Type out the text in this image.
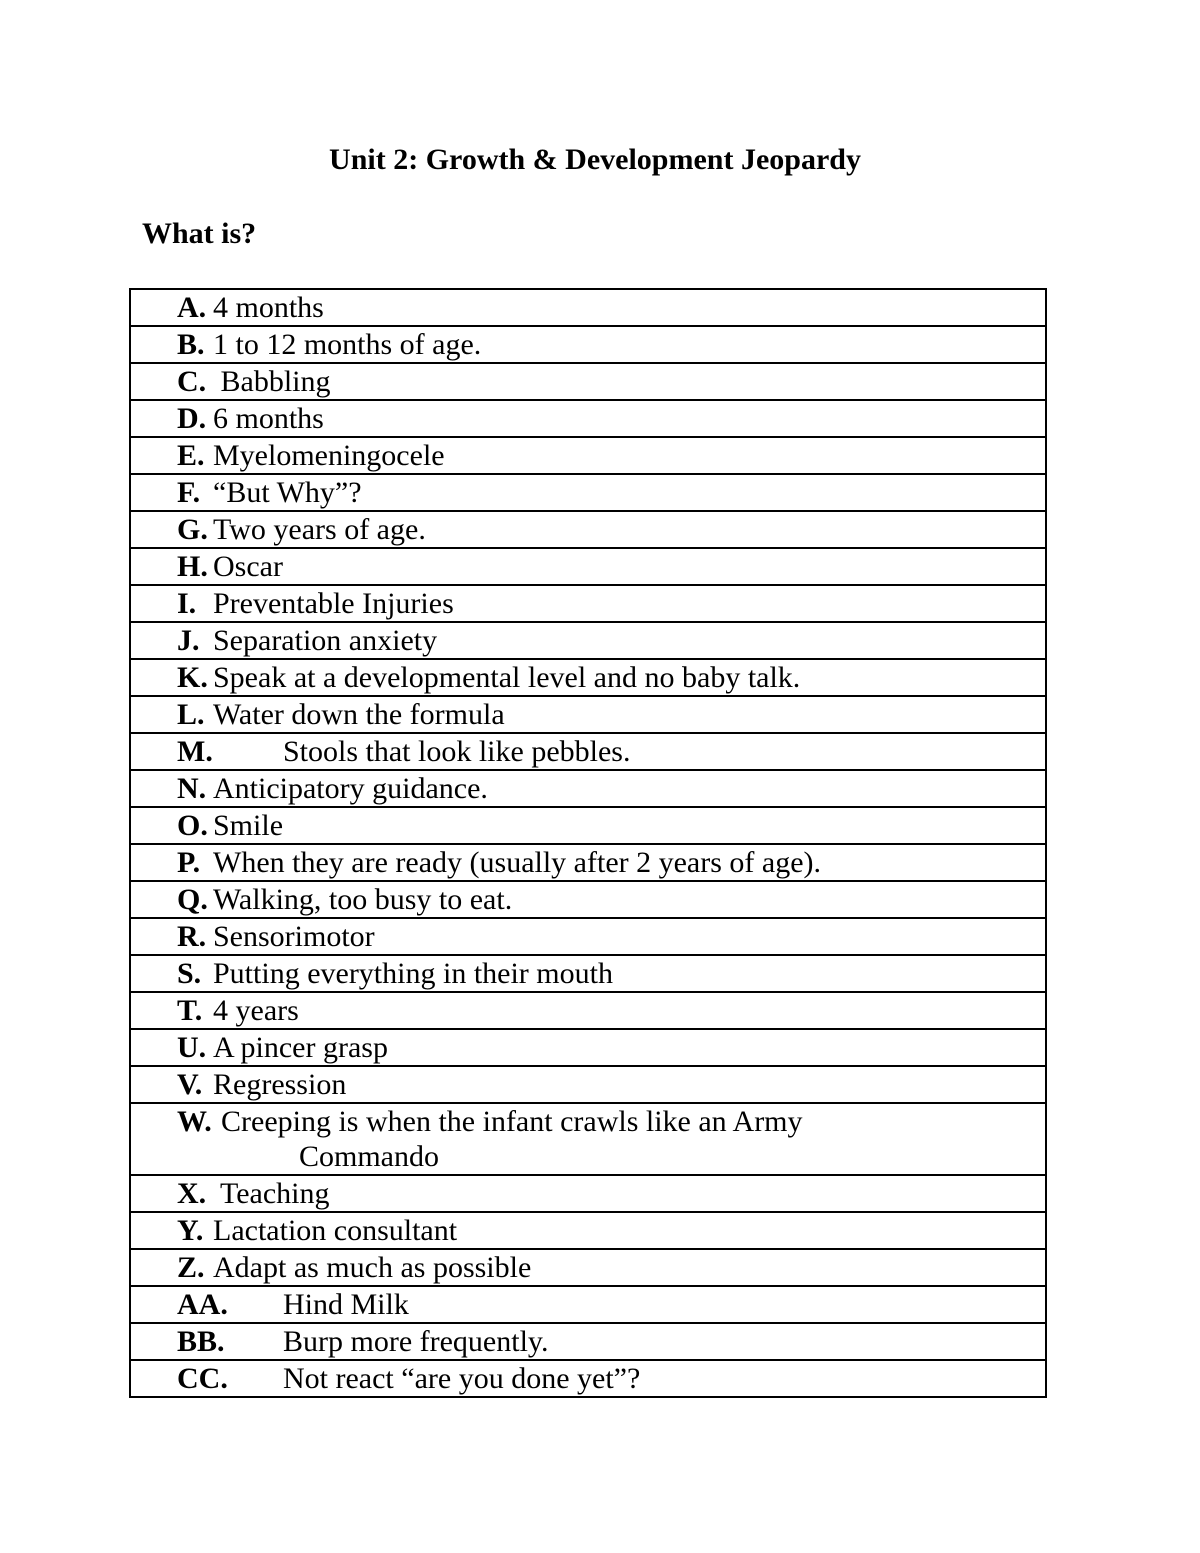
Unit 2: Growth & Development Jeopardy
What is?
A. 4 months

B. 1 to 12 months of age.

C. Babbling

D. 6 months

E. Myelomeningocele

F. “But Why”?

G. Two years of age.

H. Oscar

I. Preventable Injuries

J. Separation anxiety

K. Speak at a developmental level and no baby talk.

L. Water down the formula

M.	Stools that look like pebbles.

N. Anticipatory guidance.

O. Smile

P. When they are ready (usually after 2 years of age).

Q. Walking, too busy to eat.

R. Sensorimotor

S. Putting everything in their mouth

T. 4 years

U. A pincer grasp

V. Regression

W. Creeping is when the infant crawls like an Army Commando

X. Teaching

Y. Lactation consultant

Z. Adapt as much as possible

AA.	Hind Milk

BB.	Burp more frequently.

CC.	Not react “are you done yet”?
